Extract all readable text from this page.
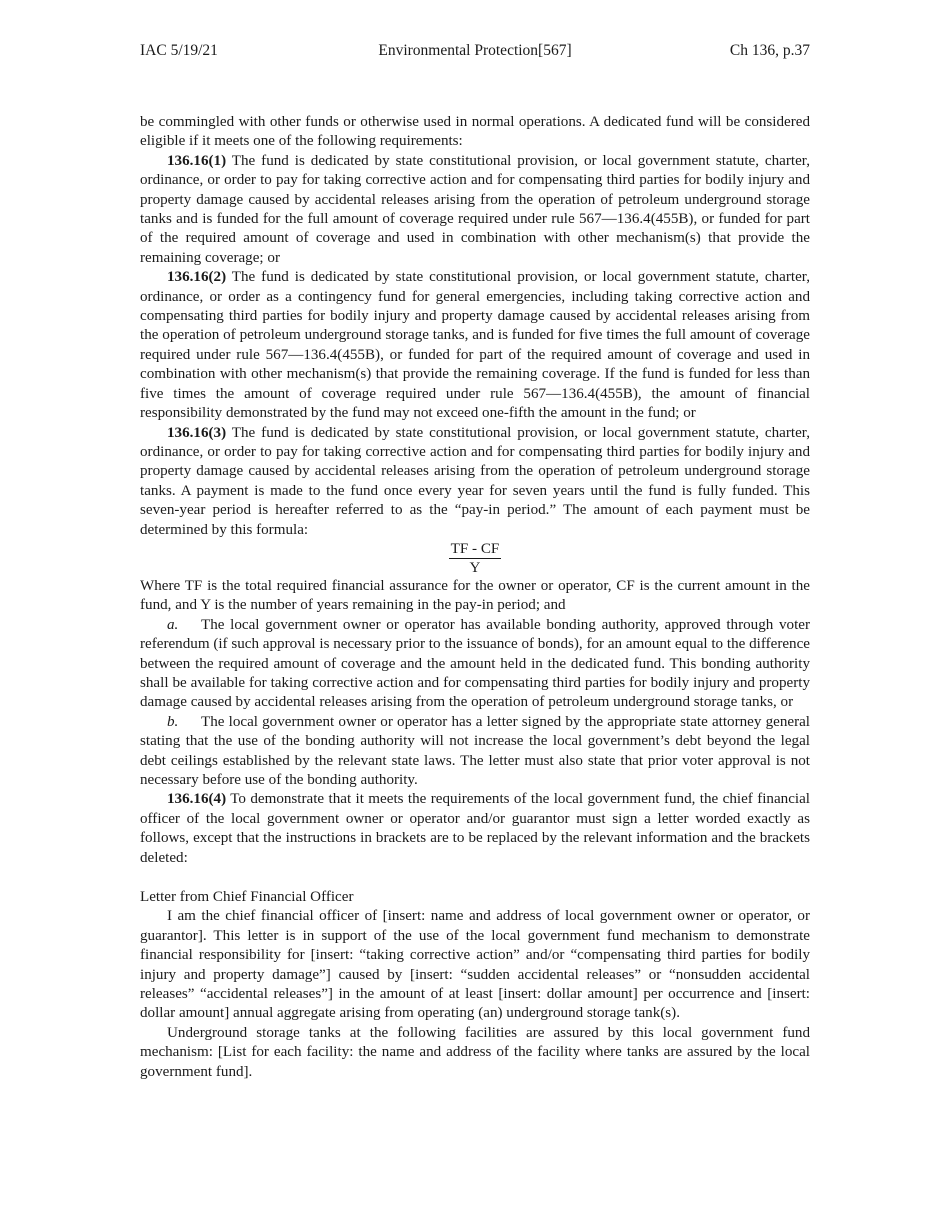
IAC 5/19/21	Environmental Protection[567]	Ch 136, p.37

be commingled with other funds or otherwise used in normal operations. A dedicated fund will be considered eligible if it meets one of the following requirements:

136.16(1) The fund is dedicated by state constitutional provision, or local government statute, charter, ordinance, or order to pay for taking corrective action and for compensating third parties for bodily injury and property damage caused by accidental releases arising from the operation of petroleum underground storage tanks and is funded for the full amount of coverage required under rule 567—136.4(455B), or funded for part of the required amount of coverage and used in combination with other mechanism(s) that provide the remaining coverage; or

136.16(2) The fund is dedicated by state constitutional provision, or local government statute, charter, ordinance, or order as a contingency fund for general emergencies, including taking corrective action and compensating third parties for bodily injury and property damage caused by accidental releases arising from the operation of petroleum underground storage tanks, and is funded for five times the full amount of coverage required under rule 567—136.4(455B), or funded for part of the required amount of coverage and used in combination with other mechanism(s) that provide the remaining coverage. If the fund is funded for less than five times the amount of coverage required under rule 567—136.4(455B), the amount of financial responsibility demonstrated by the fund may not exceed one-fifth the amount in the fund; or

136.16(3) The fund is dedicated by state constitutional provision, or local government statute, charter, ordinance, or order to pay for taking corrective action and for compensating third parties for bodily injury and property damage caused by accidental releases arising from the operation of petroleum underground storage tanks. A payment is made to the fund once every year for seven years until the fund is fully funded. This seven-year period is hereafter referred to as the “pay-in period.” The amount of each payment must be determined by this formula:

TF - CF
Y

Where TF is the total required financial assurance for the owner or operator, CF is the current amount in the fund, and Y is the number of years remaining in the pay-in period; and

a. The local government owner or operator has available bonding authority, approved through voter referendum (if such approval is necessary prior to the issuance of bonds), for an amount equal to the difference between the required amount of coverage and the amount held in the dedicated fund. This bonding authority shall be available for taking corrective action and for compensating third parties for bodily injury and property damage caused by accidental releases arising from the operation of petroleum underground storage tanks, or

b. The local government owner or operator has a letter signed by the appropriate state attorney general stating that the use of the bonding authority will not increase the local government’s debt beyond the legal debt ceilings established by the relevant state laws. The letter must also state that prior voter approval is not necessary before use of the bonding authority.

136.16(4) To demonstrate that it meets the requirements of the local government fund, the chief financial officer of the local government owner or operator and/or guarantor must sign a letter worded exactly as follows, except that the instructions in brackets are to be replaced by the relevant information and the brackets deleted:

Letter from Chief Financial Officer

I am the chief financial officer of [insert: name and address of local government owner or operator, or guarantor]. This letter is in support of the use of the local government fund mechanism to demonstrate financial responsibility for [insert: “taking corrective action” and/or “compensating third parties for bodily injury and property damage”] caused by [insert: “sudden accidental releases” or “nonsudden accidental releases” “accidental releases”] in the amount of at least [insert: dollar amount] per occurrence and [insert: dollar amount] annual aggregate arising from operating (an) underground storage tank(s).

Underground storage tanks at the following facilities are assured by this local government fund mechanism: [List for each facility: the name and address of the facility where tanks are assured by the local government fund].
